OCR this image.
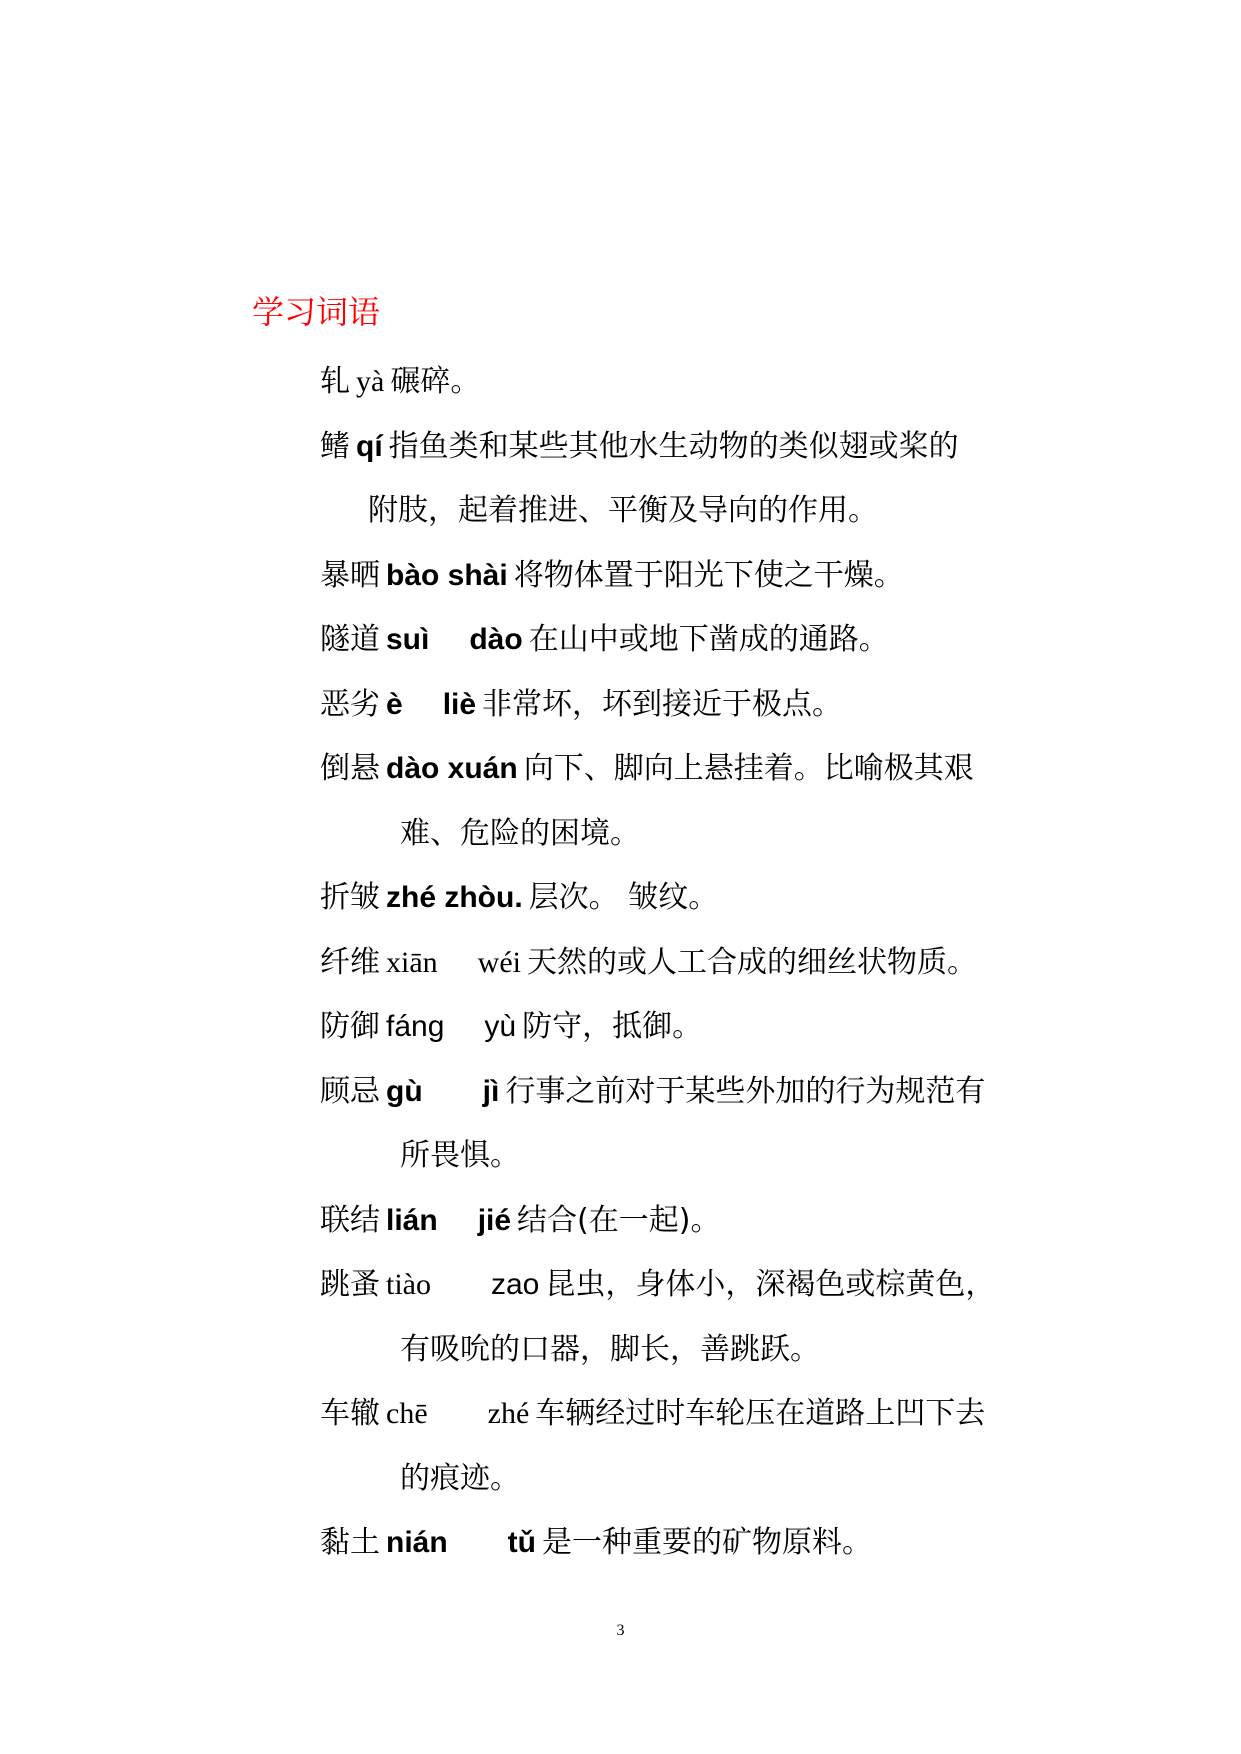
学习词语
轧 yà 碾碎。
鳍 qí 指鱼类和某些其他水生动物的类似翅或桨的
附肢，起着推进、平衡及导向的作用。
暴晒 bào shài 将物体置于阳光下使之干燥。
隧道 suì dào 在山中或地下凿成的通路。
恶劣 è liè 非常坏，坏到接近于极点。
倒悬 dào xuán 向下、脚向上悬挂着。比喻极其艰
难、危险的困境。
折皱 zhé zhòu. 层次。 皱纹。
纤维 xiān wéi 天然的或人工合成的细丝状物质。
防御 fáng yù 防守，抵御。
顾忌 gù jì 行事之前对于某些外加的行为规范有
所畏惧。
联结 lián jié 结合(在一起)。
跳蚤 tiào zao 昆虫，身体小，深褐色或棕黄色，
有吸吮的口器，脚长，善跳跃。
车辙 chē zhé 车辆经过时车轮压在道路上凹下去
的痕迹。
黏土 nián tǔ 是一种重要的矿物原料。
3
